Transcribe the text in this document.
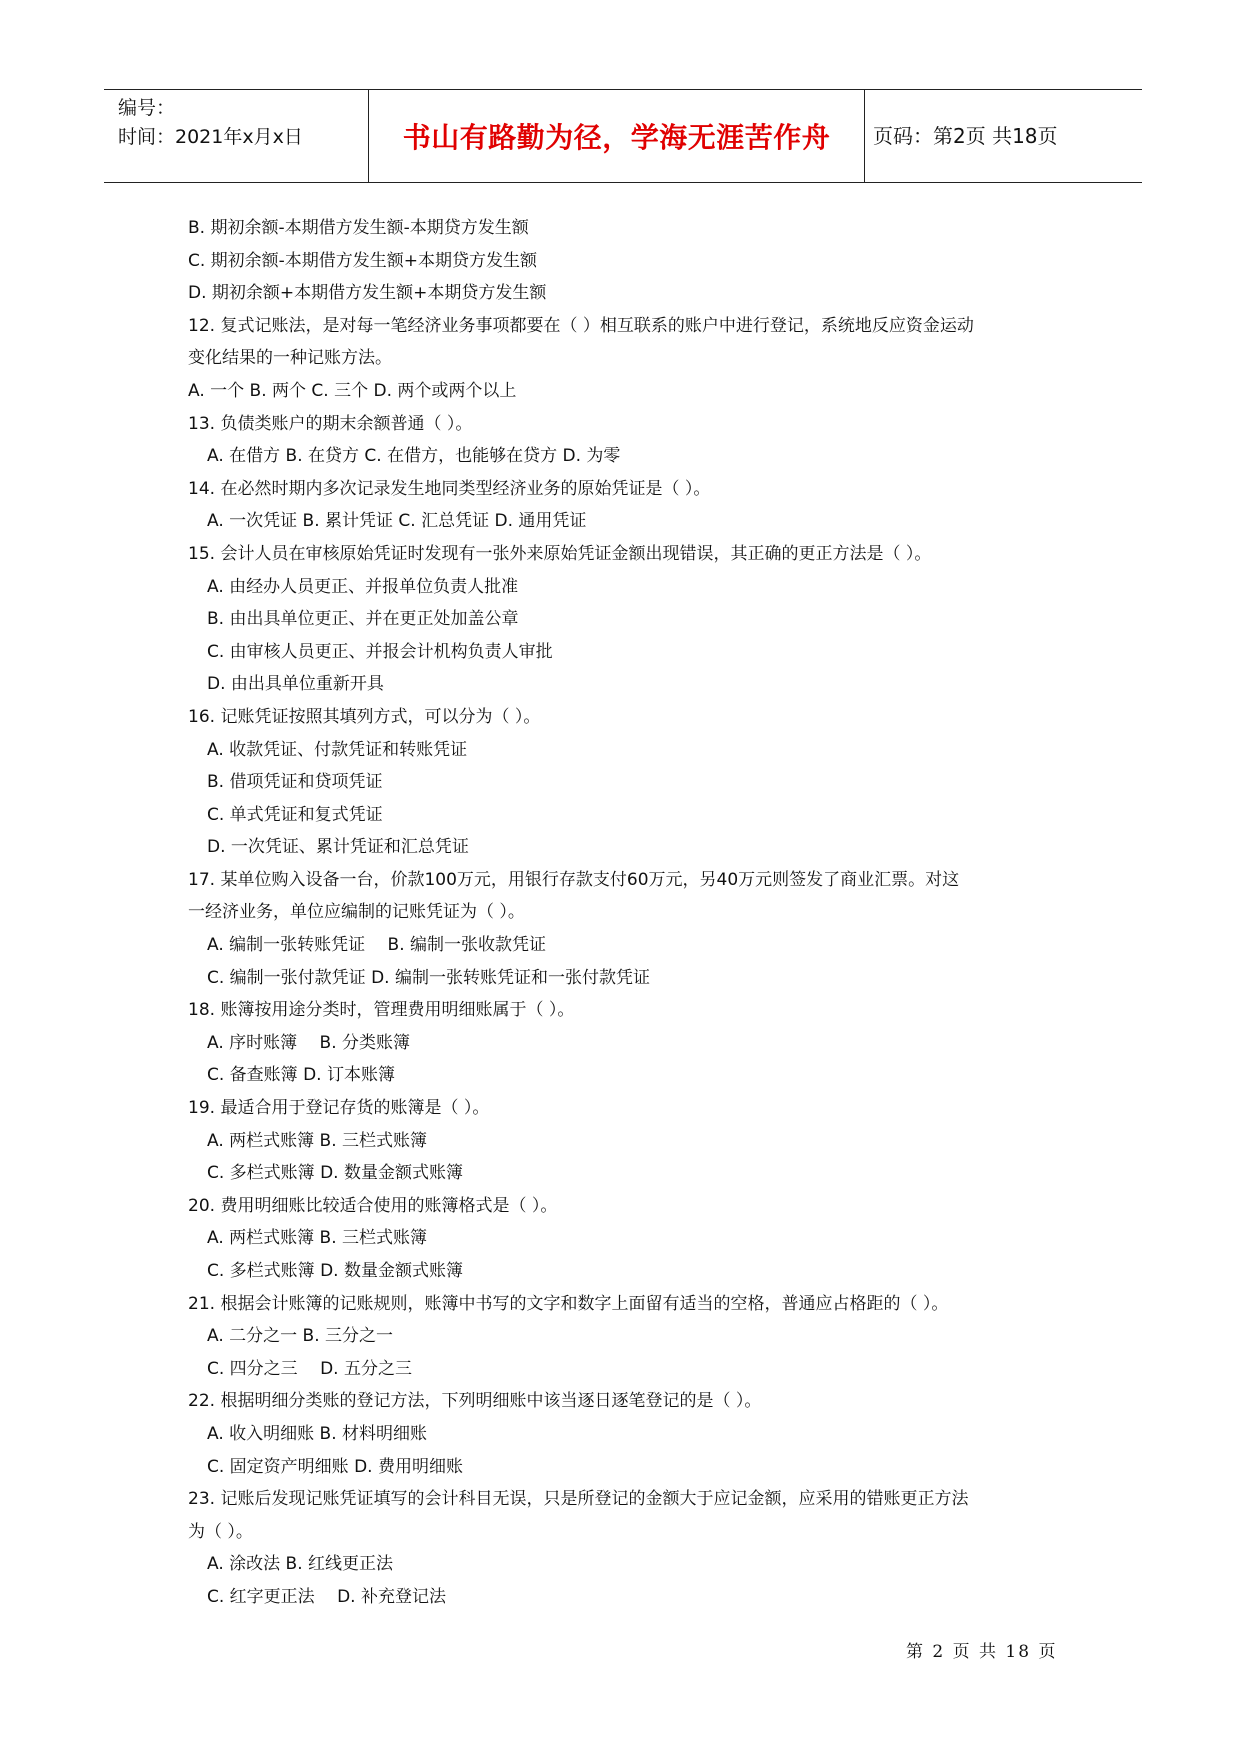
编号：
时间：2021年x月x日	书山有路勤为径，学海无涯苦作舟	页码：第2页 共18页
B. 期初余额-本期借方发生额-本期贷方发生额
C. 期初余额-本期借方发生额+本期贷方发生额
D. 期初余额+本期借方发生额+本期贷方发生额
12. 复式记账法，是对每一笔经济业务事项都要在（ ）相互联系的账户中进行登记，系统地反应资金运动
变化结果的一种记账方法。
A. 一个 B. 两个 C. 三个 D. 两个或两个以上
13. 负债类账户的期末余额普通（ ）。
A. 在借方 B. 在贷方 C. 在借方，也能够在贷方 D. 为零
14. 在必然时期内多次记录发生地同类型经济业务的原始凭证是（ ）。
A. 一次凭证 B. 累计凭证 C. 汇总凭证 D. 通用凭证
15. 会计人员在审核原始凭证时发现有一张外来原始凭证金额出现错误，其正确的更正方法是（ ）。
A. 由经办人员更正、并报单位负责人批准
B. 由出具单位更正、并在更正处加盖公章
C. 由审核人员更正、并报会计机构负责人审批
D. 由出具单位重新开具
16. 记账凭证按照其填列方式，可以分为（ ）。
A. 收款凭证、付款凭证和转账凭证
B. 借项凭证和贷项凭证
C. 单式凭证和复式凭证
D. 一次凭证、累计凭证和汇总凭证
17. 某单位购入设备一台，价款100万元，用银行存款支付60万元，另40万元则签发了商业汇票。对这
一经济业务，单位应编制的记账凭证为（ ）。
A. 编制一张转账凭证 　B. 编制一张收款凭证
C. 编制一张付款凭证 D. 编制一张转账凭证和一张付款凭证
18. 账簿按用途分类时，管理费用明细账属于（ ）。
A. 序时账簿 　B. 分类账簿
C. 备查账簿 D. 订本账簿
19. 最适合用于登记存货的账簿是（ ）。
A. 两栏式账簿 B. 三栏式账簿
C. 多栏式账簿 D. 数量金额式账簿
20. 费用明细账比较适合使用的账簿格式是（ ）。
A. 两栏式账簿 B. 三栏式账簿
C. 多栏式账簿 D. 数量金额式账簿
21. 根据会计账簿的记账规则，账簿中书写的文字和数字上面留有适当的空格，普通应占格距的（ ）。
A. 二分之一 B. 三分之一
C. 四分之三 　D. 五分之三
22. 根据明细分类账的登记方法，下列明细账中该当逐日逐笔登记的是（ ）。
A. 收入明细账 B. 材料明细账
C. 固定资产明细账 D. 费用明细账
23. 记账后发现记账凭证填写的会计科目无误，只是所登记的金额大于应记金额，应采用的错账更正方法
为（ ）。
A. 涂改法 B. 红线更正法
C. 红字更正法 　D. 补充登记法
第 2 页 共 18 页
